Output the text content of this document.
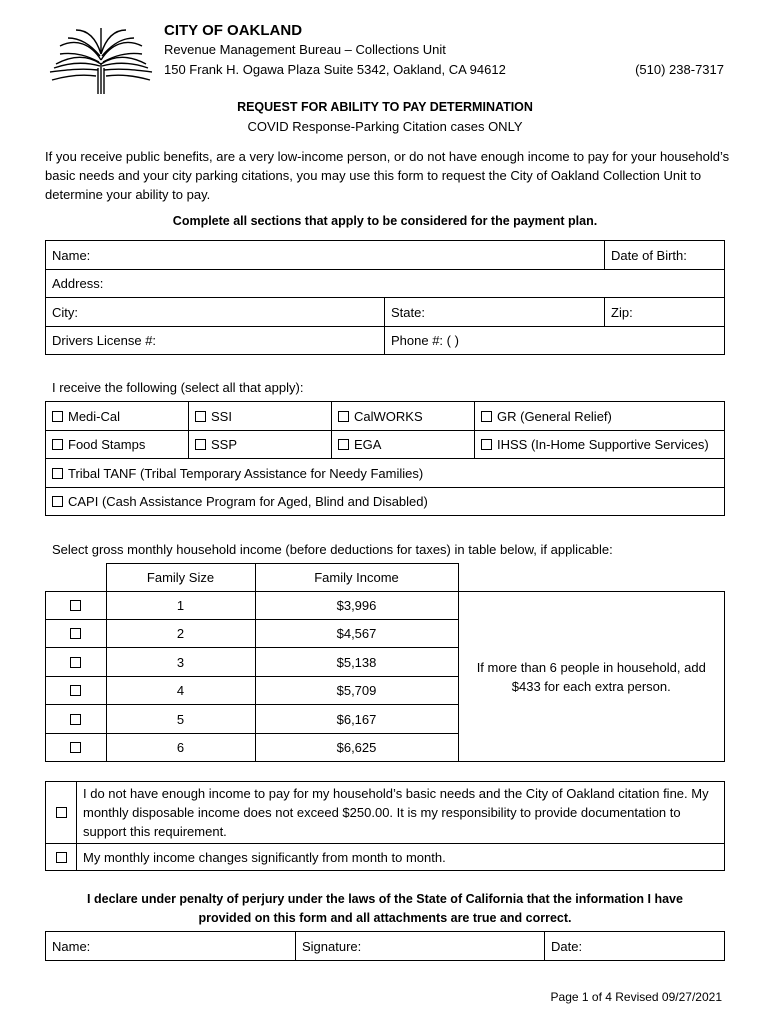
CITY OF OAKLAND
Revenue Management Bureau – Collections Unit
150 Frank H. Ogawa Plaza Suite 5342, Oakland, CA 94612	(510) 238-7317
REQUEST FOR ABILITY TO PAY DETERMINATION
COVID Response-Parking Citation cases ONLY
If you receive public benefits, are a very low-income person, or do not have enough income to pay for your household’s basic needs and your city parking citations, you may use this form to request the City of Oakland Collection Unit to determine your ability to pay.
Complete all sections that apply to be considered for the payment plan.
Name:		Date of Birth:
Address:		
City:	State:	Zip:
Drivers License #:	Phone #: ( )	
I receive the following (select all that apply):
Medi-Cal	SSI	CalWORKS	GR (General Relief)
Food Stamps	SSP	EGA	IHSS (In-Home Supportive Services)
Tribal TANF (Tribal Temporary Assistance for Needy Families)			
CAPI (Cash Assistance Program for Aged, Blind and Disabled)			
Select gross monthly household income (before deductions for taxes) in table below, if applicable:
	Family Size	Family Income	
	1	$3,996	If more than 6 people in household, add $433 for each extra person.
	2	$4,567	
	3	$5,138	
	4	$5,709	
	5	$6,167	
	6	$6,625	
	I do not have enough income to pay for my household’s basic needs and the City of Oakland citation fine. My monthly disposable income does not exceed $250.00. It is my responsibility to provide documentation to support this requirement.
	My monthly income changes significantly from month to month.
I declare under penalty of perjury under the laws of the State of California that the information I have provided on this form and all attachments are true and correct.
Name:	Signature:	Date:
Page 1 of 4 Revised 09/27/2021
